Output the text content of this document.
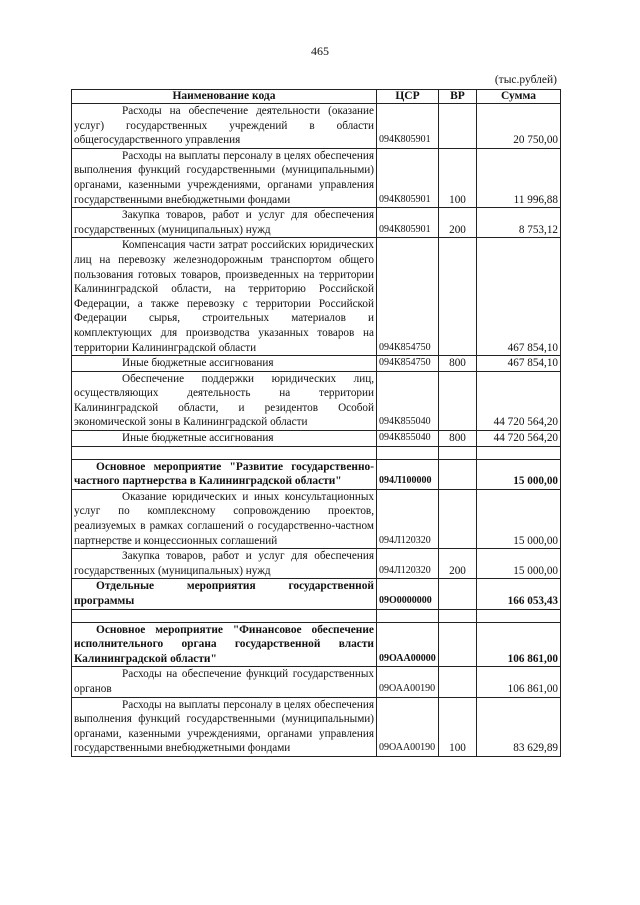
465
(тыс.рублей)
Наименование кода	ЦСР	ВР	Сумма
Расходы на обеспечение деятельности (оказание услуг) государственных учреждений в области общегосударственного управления	094К805901		20 750,00
Расходы на выплаты персоналу в целях обеспечения выполнения функций государственными (муниципальными) органами, казенными учреждениями, органами управления государственными внебюджетными фондами	094К805901	100	11 996,88
Закупка товаров, работ и услуг для обеспечения государственных (муниципальных) нужд	094К805901	200	8 753,12
Компенсация части затрат российских юридических лиц на перевозку железнодорожным транспортом общего пользования готовых товаров, произведенных на территории Калининградской области, на территорию Российской Федерации, а также перевозку с территории Российской Федерации сырья, строительных материалов и комплектующих для производства указанных товаров на территории Калининградской области	094К854750		467 854,10
Иные бюджетные ассигнования	094К854750	800	467 854,10
Обеспечение поддержки юридических лиц, осуществляющих деятельность на территории Калининградской области, и резидентов Особой экономической зоны в Калининградской области	094К855040		44 720 564,20
Иные бюджетные ассигнования	094К855040	800	44 720 564,20

Основное мероприятие "Развитие государственно-частного партнерства в Калининградской области"	094Л100000		15 000,00
Оказание юридических и иных консультационных услуг по комплексному сопровождению проектов, реализуемых в рамках соглашений о государственно-частном партнерстве и концессионных соглашений	094Л120320		15 000,00
Закупка товаров, работ и услуг для обеспечения государственных (муниципальных) нужд	094Л120320	200	15 000,00
Отдельные мероприятия государственной программы	09О0000000		166 053,43

Основное мероприятие "Финансовое обеспечение исполнительного органа государственной власти Калининградской области"	09ОАА00000		106 861,00
Расходы на обеспечение функций государственных органов	09ОАА00190		106 861,00
Расходы на выплаты персоналу в целях обеспечения выполнения функций государственными (муниципальными) органами, казенными учреждениями, органами управления государственными внебюджетными фондами	09ОАА00190	100	83 629,89
